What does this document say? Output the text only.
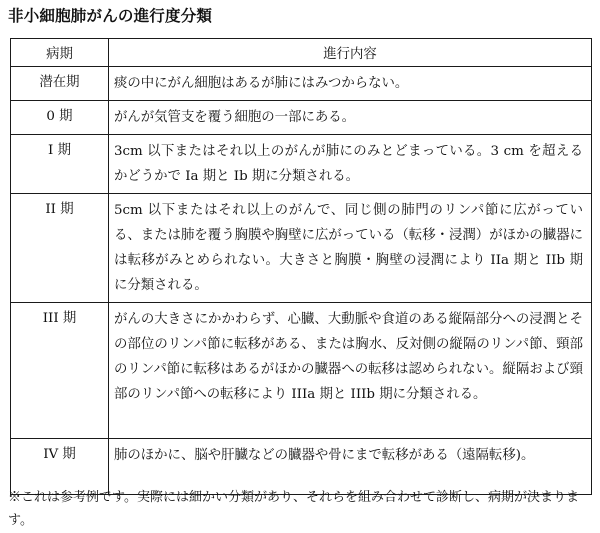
非小細胞肺がんの進行度分類
病期	進行内容
潜在期	痰の中にがん細胞はあるが肺にはみつからない。
0 期	がんが気管支を覆う細胞の一部にある。
I 期	3cm 以下またはそれ以上のがんが肺にのみとどまっている。3 cm を超えるかどうかで Ia 期と Ib 期に分類される。
II 期	5cm 以下またはそれ以上のがんで、同じ側の肺門のリンパ節に広がっている、または肺を覆う胸膜や胸壁に広がっている（転移・浸潤）がほかの臓器には転移がみとめられない。大きさと胸膜・胸壁の浸潤により IIa 期と IIb 期に分類される。
III 期	がんの大きさにかかわらず、心臓、大動脈や食道のある縦隔部分への浸潤とその部位のリンパ節に転移がある、または胸水、反対側の縦隔のリンパ節、頸部のリンパ節に転移はあるがほかの臓器への転移は認められない。縦隔および頸部のリンパ節への転移により IIIa 期と IIIb 期に分類される。
IV 期	肺のほかに、脳や肝臓などの臓器や骨にまで転移がある（遠隔転移)。
※これは参考例です。実際には細かい分類があり、それらを組み合わせて診断し、病期が決まります。
